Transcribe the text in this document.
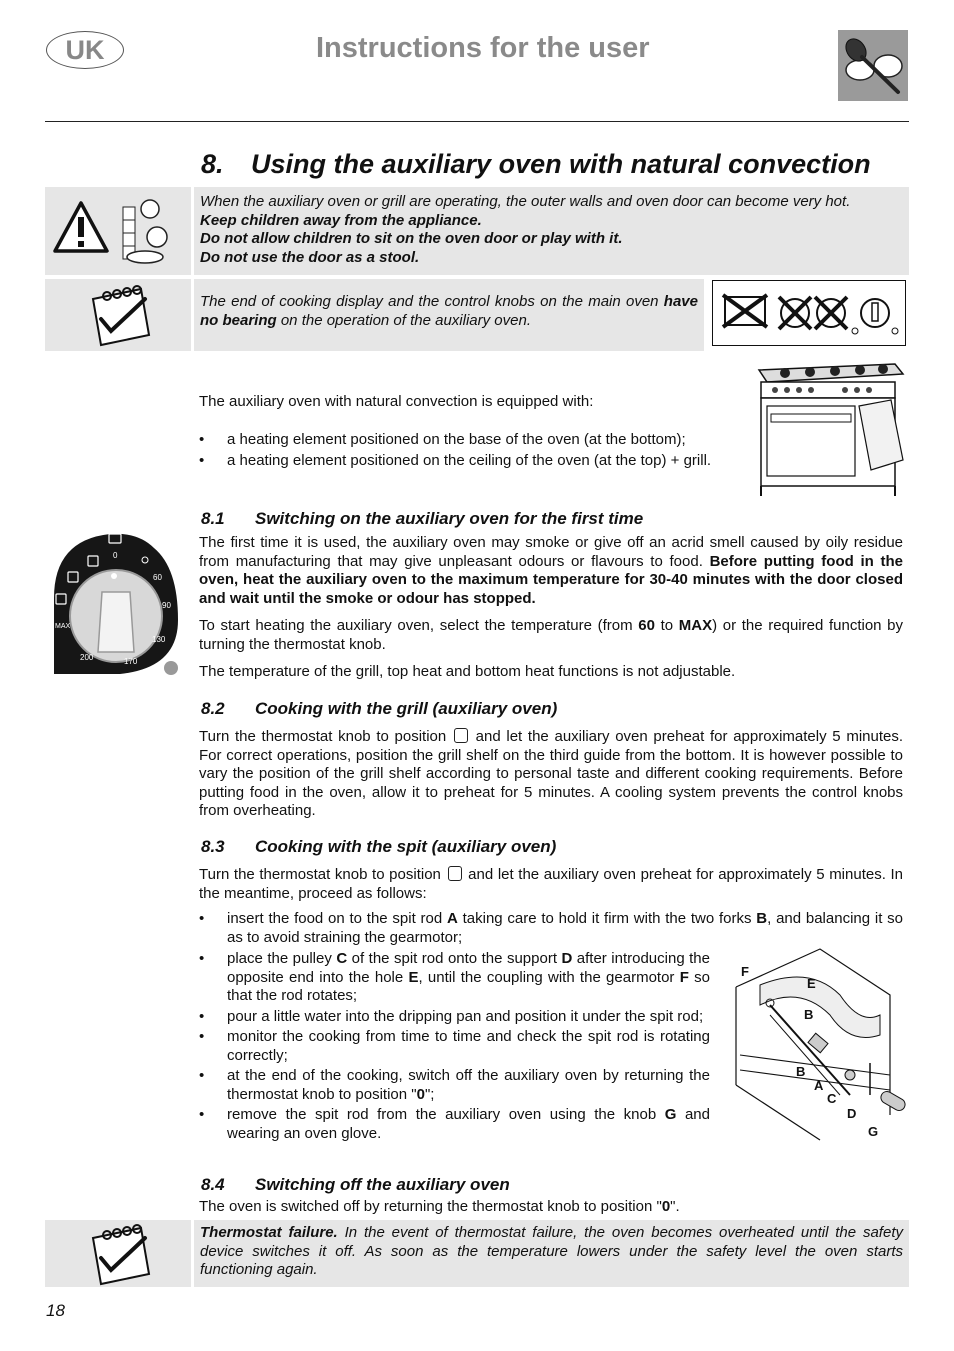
UK	Instructions for the user
8. Using the auxiliary oven with natural convection
When the auxiliary oven or grill are operating, the outer walls and oven door can become very hot.
Keep children away from the appliance.
Do not allow children to sit on the oven door or play with it.
Do not use the door as a stool.
The end of cooking display and the control knobs on the main oven have no bearing on the operation of the auxiliary oven.
The auxiliary oven with natural convection is equipped with:
• a heating element positioned on the base of the oven (at the bottom);
• a heating element positioned on the ceiling of the oven (at the top) + grill.
8.1 Switching on the auxiliary oven for the first time
The first time it is used, the auxiliary oven may smoke or give off an acrid smell caused by oily residue from manufacturing that may give unpleasant odours or flavours to food. Before putting food in the oven, heat the auxiliary oven to the maximum temperature for 30-40 minutes with the door closed and wait until the smoke or odour has stopped.
To start heating the auxiliary oven, select the temperature (from 60 to MAX) or the required function by turning the thermostat knob.
The temperature of the grill, top heat and bottom heat functions is not adjustable.
0
60
90
130
170
200
MAX
8.2 Cooking with the grill (auxiliary oven)
Turn the thermostat knob to position and let the auxiliary oven preheat for approximately 5 minutes. For correct operations, position the grill shelf on the third guide from the bottom. It is however possible to vary the position of the grill shelf according to personal taste and different cooking requirements. Before putting food in the oven, allow it to preheat for 5 minutes. A cooling system prevents the control knobs from overheating.
8.3 Cooking with the spit (auxiliary oven)
Turn the thermostat knob to position and let the auxiliary oven preheat for approximately 5 minutes. In the meantime, proceed as follows:
• insert the food on to the spit rod A taking care to hold it firm with the two forks B, and balancing it so as to avoid straining the gearmotor;
• place the pulley C of the spit rod onto the support D after introducing the opposite end into the hole E, until the coupling with the gearmotor F so that the rod rotates;
• pour a little water into the dripping pan and position it under the spit rod;
• monitor the cooking from time to time and check the spit rod is rotating correctly;
• at the end of the cooking, switch off the auxiliary oven by returning the thermostat knob to position "0";
• remove the spit rod from the auxiliary oven using the knob G and wearing an oven glove.
F
E
B
B
A
C
D
G
8.4 Switching off the auxiliary oven
The oven is switched off by returning the thermostat knob to position "0".
Thermostat failure. In the event of thermostat failure, the oven becomes overheated until the safety device switches it off. As soon as the temperature lowers under the safety level the oven starts functioning again.
18
